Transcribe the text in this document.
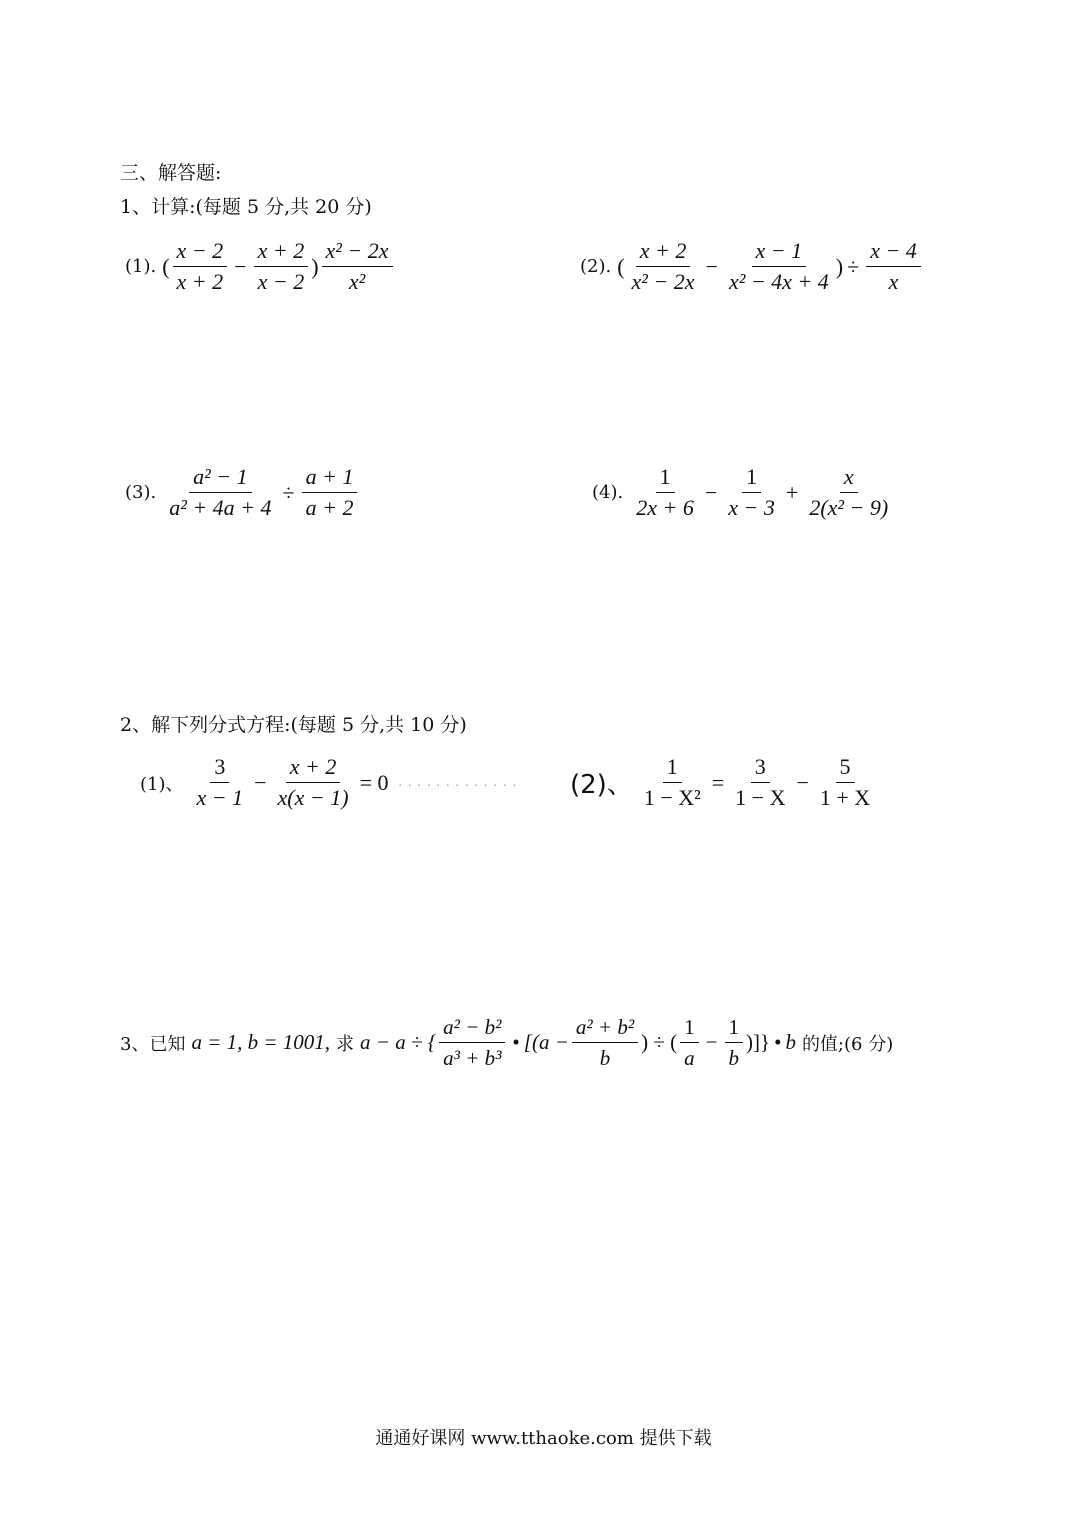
三、解答题:
1、计算:(每题 5 分,共 20 分)
(1). ( $\frac{x - 2}{x + 2} - \frac{x + 2}{x - 2}$ ) $\frac{\text{x² − 2x}}{\text{x²}}$	(2). ( $\frac{x + 2}{\text{x² − 2x}} - \frac{x - 1}{\text{x² − 4x + 4}}$ ) ÷ $\frac{x - 4}{x}$
(3). $\frac{\text{a² − 1}}{\text{a² + 4a + 4}} \div \frac{a + 1}{a + 2}$	(4). $\frac{1}{2x + 6} - \frac{1}{x - 3} + \frac{x}{\text{2(x² − 9)}}$
2、解下列分式方程:(每题 5 分,共 10 分)
(1)、 $\frac{3}{x - 1} - \frac{x + 2}{x(x - 1)} = 0$ ............. (2)、 $\frac{1}{\text{1 − X²}} = \frac{3}{1 - X} - \frac{5}{1 + X}$
3、已知 a = 1, b = 1001, 求 a − a ÷ { $\frac{\text{a² − b²}}{\text{a³ + b³}}$ • [($a - \frac{\text{a² + b²}}{b}$ ) ÷ ( $\frac{1}{a} - \frac{1}{b}$ )]} • b 的值;(6 分)
通通好课网 www.tthaoke.com 提供下载
